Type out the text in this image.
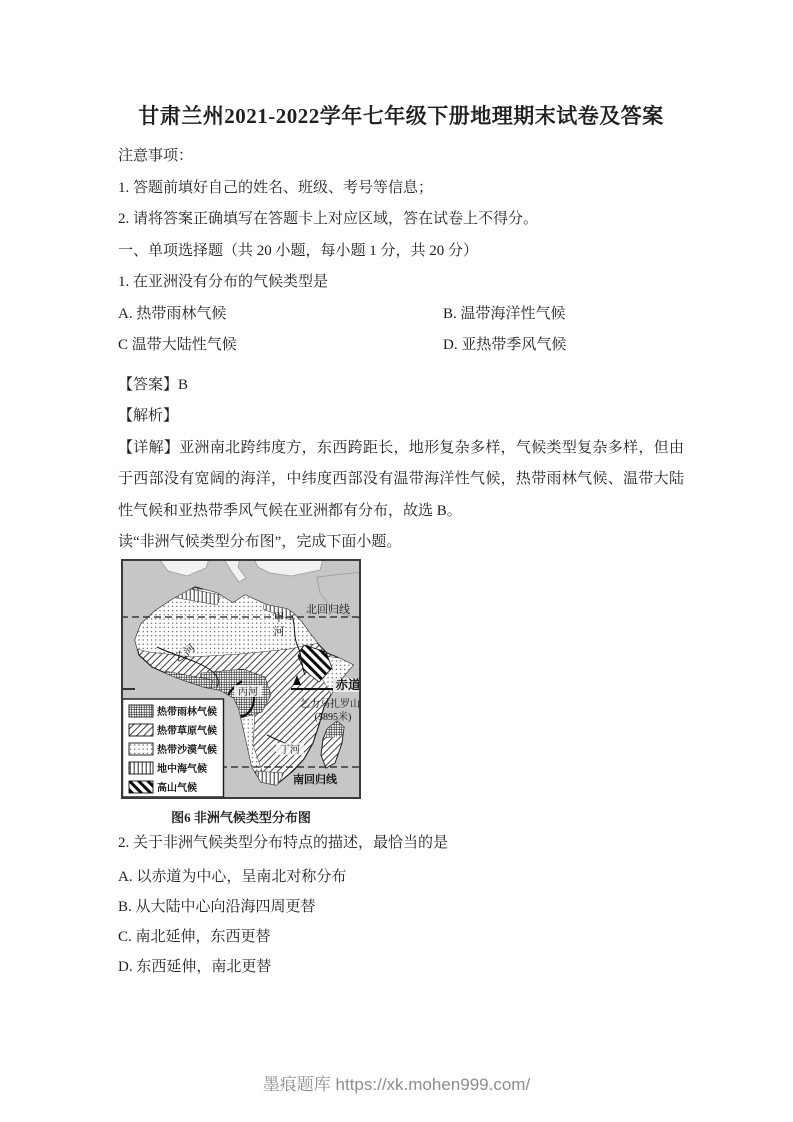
甘肃兰州2021-2022学年七年级下册地理期末试卷及答案

注意事项：

1. 答题前填好自己的姓名、班级、考号等信息；

2. 请将答案正确填写在答题卡上对应区域，答在试卷上不得分。

一、单项选择题（共 20 小题，每小题 1 分，共 20 分）

1. 在亚洲没有分布的气候类型是

A. 热带雨林气候	B. 温带海洋性气候
C 温带大陆性气候	D. 亚热带季风气候

【答案】B

【解析】

【详解】亚洲南北跨纬度方，东西跨距长，地形复杂多样，气候类型复杂多样，但由于西部没有宽阔的海洋，中纬度西部没有温带海洋性气候，热带雨林气候、温带大陆性气候和亚热带季风气候在亚洲都有分布，故选 B。

读“非洲气候类型分布图”，完成下面小题。

北回归线
甲
河
乙河
赤道
丙河
乞力马扎罗山
(5895米)
丁河
南回归线
热带雨林气候
热带草原气候
热带沙漠气候
地中海气候
高山气候
图6 非洲气候类型分布图

2. 关于非洲气候类型分布特点的描述，最恰当的是

A. 以赤道为中心，呈南北对称分布

B. 从大陆中心向沿海四周更替

C. 南北延伸，东西更替

D. 东西延伸，南北更替

墨痕题库 https://xk.mohen999.com/
